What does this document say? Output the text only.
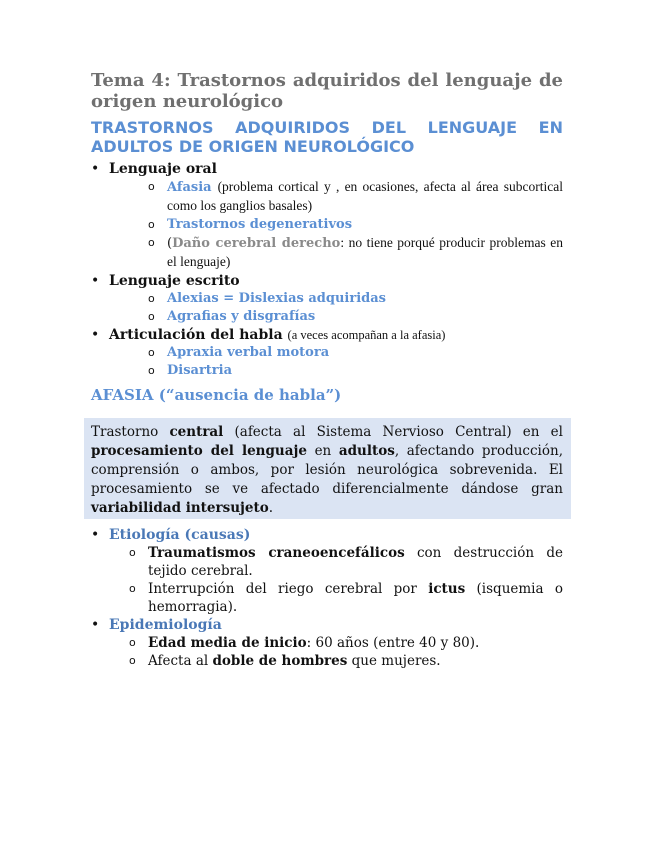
Tema 4: Trastornos adquiridos del lenguaje de origen neurológico
TRASTORNOS ADQUIRIDOS DEL LENGUAJE EN ADULTOS DE ORIGEN NEUROLÓGICO
• Lenguaje oral
o Afasia (problema cortical y , en ocasiones, afecta al área subcortical como los ganglios basales)
o Trastornos degenerativos
o (Daño cerebral derecho: no tiene porqué producir problemas en el lenguaje)
• Lenguaje escrito
o Alexias = Dislexias adquiridas
o Agrafias y disgrafías
• Articulación del habla (a veces acompañan a la afasia)
o Apraxia verbal motora
o Disartria
AFASIA (“ausencia de habla”)
Trastorno central (afecta al Sistema Nervioso Central) en el procesamiento del lenguaje en adultos, afectando producción, comprensión o ambos, por lesión neurológica sobrevenida. El procesamiento se ve afectado diferencialmente dándose gran variabilidad intersujeto.
• Etiología (causas)
o Traumatismos craneoencefálicos con destrucción de tejido cerebral.
o Interrupción del riego cerebral por ictus (isquemia o hemorragia).
• Epidemiología
o Edad media de inicio: 60 años (entre 40 y 80).
o Afecta al doble de hombres que mujeres.
